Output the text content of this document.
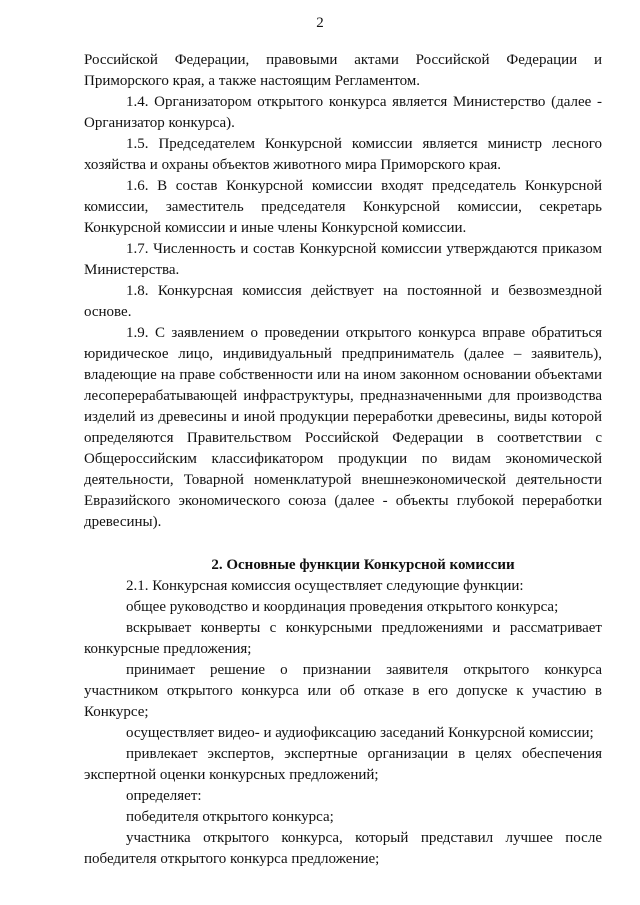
2

Российской Федерации, правовыми актами Российской Федерации и Приморского края, а также настоящим Регламентом.

1.4. Организатором открытого конкурса является Министерство (далее - Организатор конкурса).

1.5. Председателем Конкурсной комиссии является министр лесного хозяйства и охраны объектов животного мира Приморского края.

1.6. В состав Конкурсной комиссии входят председатель Конкурсной комиссии, заместитель председателя Конкурсной комиссии, секретарь Конкурсной комиссии и иные члены Конкурсной комиссии.

1.7. Численность и состав Конкурсной комиссии утверждаются приказом Министерства.

1.8. Конкурсная комиссия действует на постоянной и безвозмездной основе.

1.9. С заявлением о проведении открытого конкурса вправе обратиться юридическое лицо, индивидуальный предприниматель (далее – заявитель), владеющие на праве собственности или на ином законном основании объектами лесоперерабатывающей инфраструктуры, предназначенными для производства изделий из древесины и иной продукции переработки древесины, виды которой определяются Правительством Российской Федерации в соответствии с Общероссийским классификатором продукции по видам экономической деятельности, Товарной номенклатурой внешнеэкономической деятельности Евразийского экономического союза (далее - объекты глубокой переработки древесины).

2. Основные функции Конкурсной комиссии

2.1. Конкурсная комиссия осуществляет следующие функции:

общее руководство и координация проведения открытого конкурса;

вскрывает конверты с конкурсными предложениями и рассматривает конкурсные предложения;

принимает решение о признании заявителя открытого конкурса участником открытого конкурса или об отказе в его допуске к участию в Конкурсе;

осуществляет видео- и аудиофиксацию заседаний Конкурсной комиссии;

привлекает экспертов, экспертные организации в целях обеспечения экспертной оценки конкурсных предложений;

определяет:

победителя открытого конкурса;

участника открытого конкурса, который представил лучшее после победителя открытого конкурса предложение;
